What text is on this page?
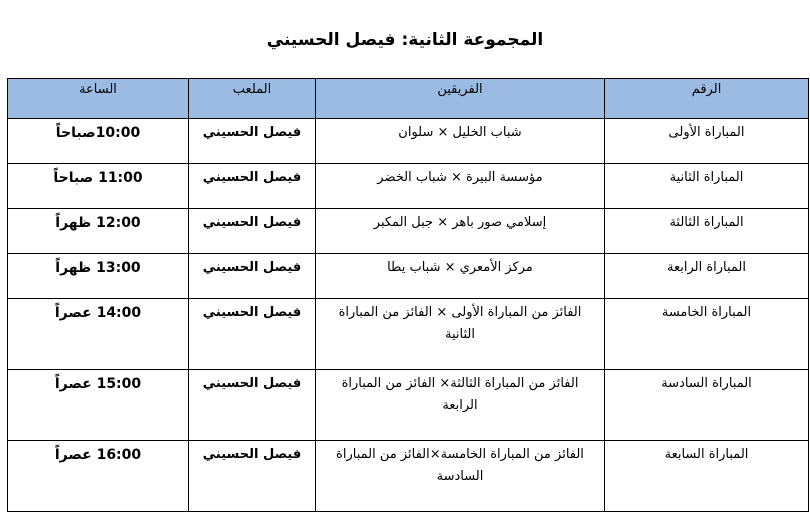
المجموعة الثانية: فيصل الحسيني
الرقم	الفريقين	الملعب	الساعة
المباراة الأولى	شباب الخليل × سلوان	فيصل الحسيني	10:00صباحاً
المباراة الثانية	مؤسسة البيرة × شباب الخضر	فيصل الحسيني	11:00 صباحاً
المباراة الثالثة	إسلامي صور باهر × جبل المكبر	فيصل الحسيني	12:00 ظهراً
المباراة الرابعة	مركز الأمعري × شباب يطا	فيصل الحسيني	13:00 ظهراً
المباراة الخامسة	الفائز من المباراة الأولى × الفائز من المباراة الثانية	فيصل الحسيني	14:00 عصراً
المباراة السادسة	الفائز من المباراة الثالثة× الفائز من المباراة الرابعة	فيصل الحسيني	15:00 عصراً
المباراة السابعة	الفائز من المباراة الخامسة×الفائز من المباراة السادسة	فيصل الحسيني	16:00 عصراً
